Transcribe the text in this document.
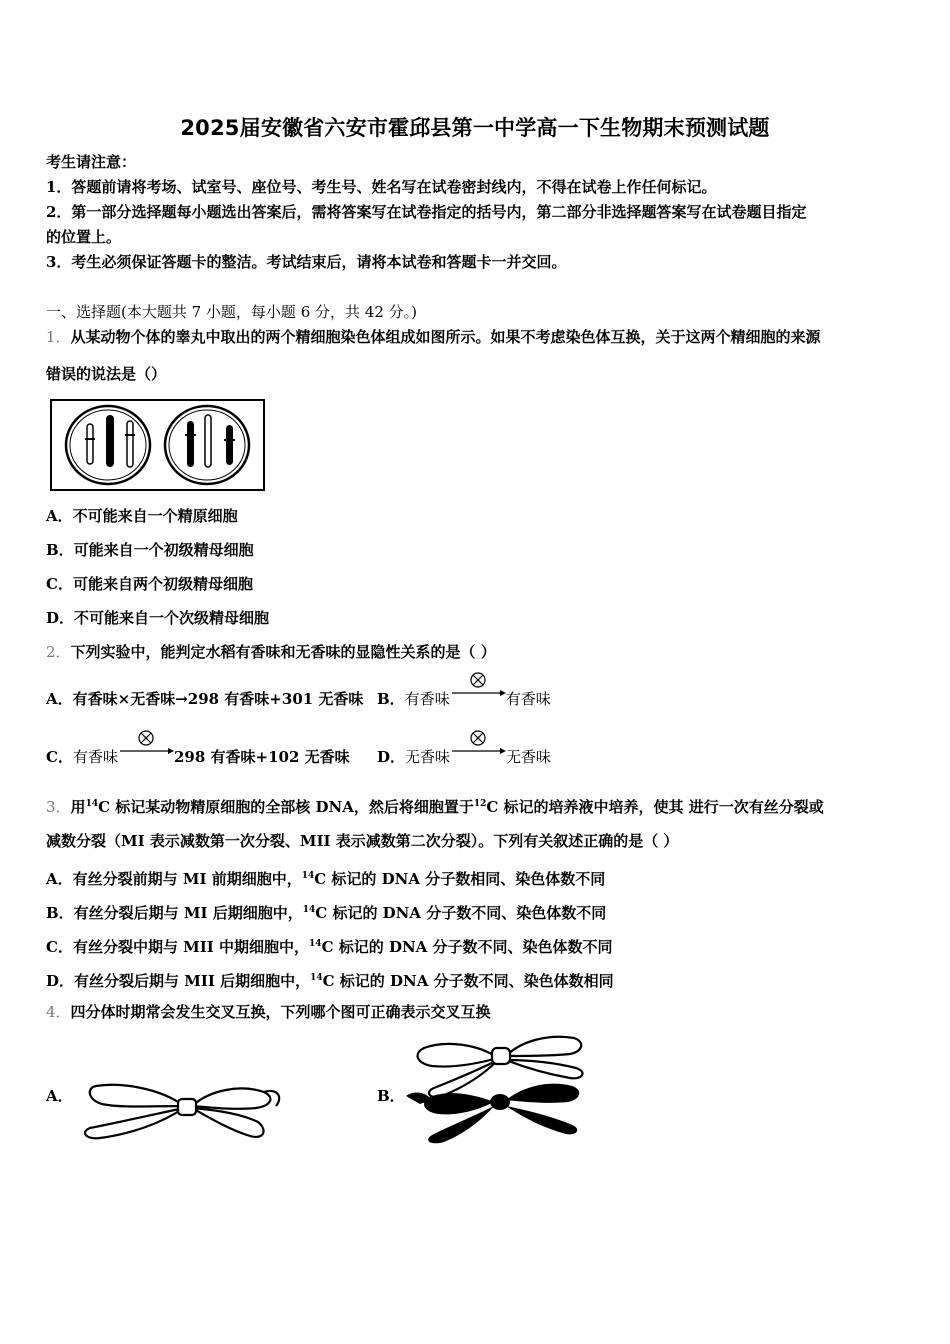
2025届安徽省六安市霍邱县第一中学高一下生物期末预测试题
考生请注意：
1．答题前请将考场、试室号、座位号、考生号、姓名写在试卷密封线内，不得在试卷上作任何标记。
2．第一部分选择题每小题选出答案后，需将答案写在试卷指定的括号内，第二部分非选择题答案写在试卷题目指定
的位置上。
3．考生必须保证答题卡的整洁。考试结束后，请将本试卷和答题卡一并交回。
一、选择题(本大题共 7 小题，每小题 6 分，共 42 分。)
1．从某动物个体的睾丸中取出的两个精细胞染色体组成如图所示。如果不考虑染色体互换，关于这两个精细胞的来源
错误的说法是（）
A．不可能来自一个精原细胞
B．可能来自一个初级精母细胞
C．可能来自两个初级精母细胞
D．不可能来自一个次级精母细胞
2．下列实验中，能判定水稻有香味和无香味的显隐性关系的是（ ）
A．有香味×无香味→298 有香味+301 无香味 B．有香味	有香味
C．有香味	298 有香味+102 无香味 D．无香味	无香味
3．用$^{14}$C 标记某动物精原细胞的全部核 DNA，然后将细胞置于$^{12}$C 标记的培养液中培养，使其 进行一次有丝分裂或
减数分裂（MI 表示减数第一次分裂、MII 表示减数第二次分裂）。下列有关叙述正确的是（ ）
A．有丝分裂前期与 MI 前期细胞中，$^{14}$C 标记的 DNA 分子数相同、染色体数不同
B．有丝分裂后期与 MI 后期细胞中，$^{14}$C 标记的 DNA 分子数不同、染色体数不同
C．有丝分裂中期与 MII 中期细胞中，$^{14}$C 标记的 DNA 分子数不同、染色体数不同
D．有丝分裂后期与 MII 后期细胞中，$^{14}$C 标记的 DNA 分子数不同、染色体数相同
4．四分体时期常会发生交叉互换，下列哪个图可正确表示交叉互换
A．	B．
